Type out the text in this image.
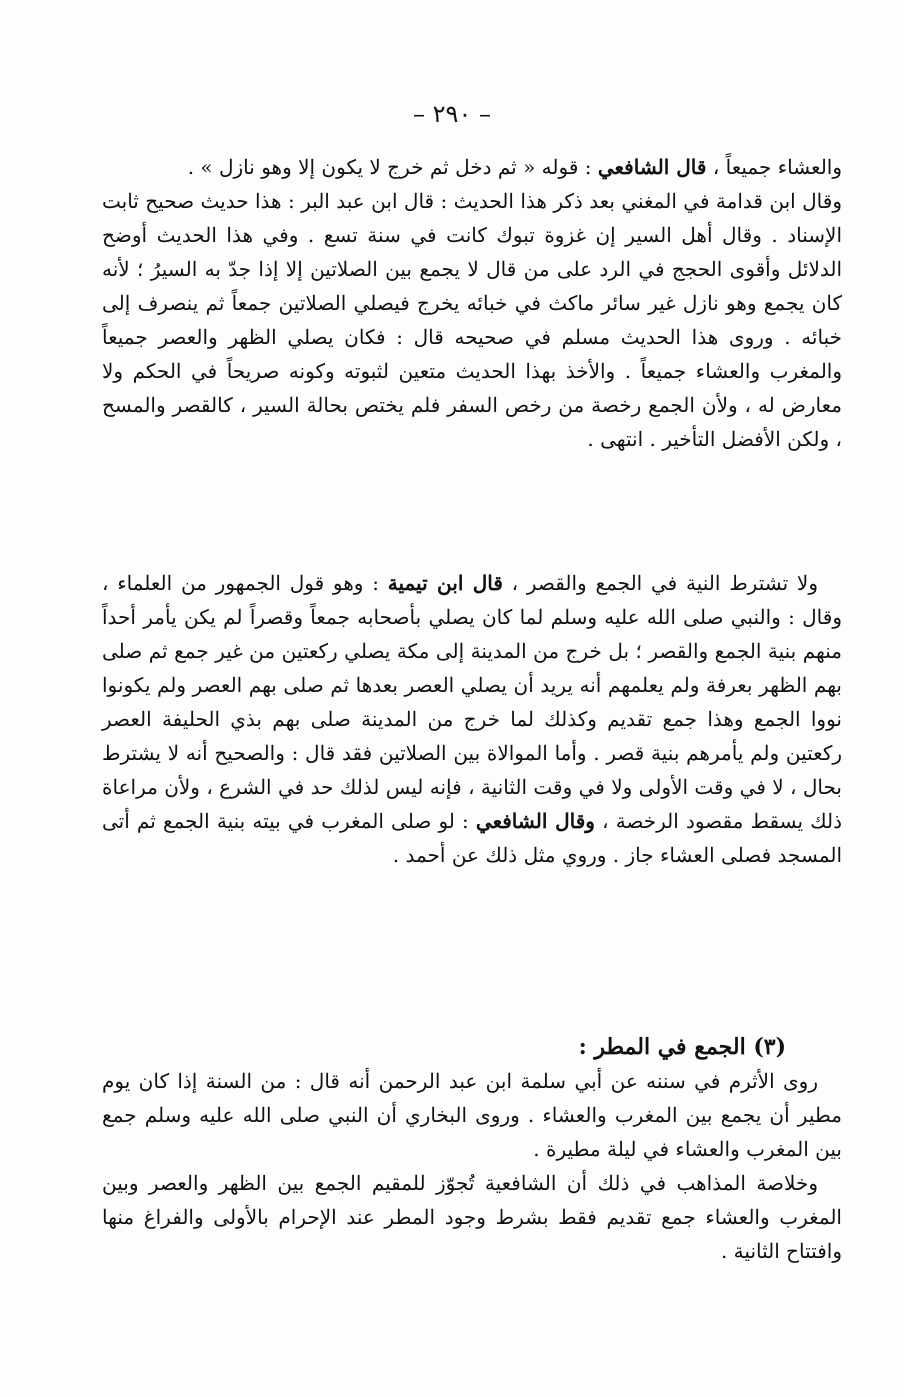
– ٢٩٠ –

والعشاء جميعاً ، قال الشافعي : قوله « ثم دخل ثم خرج لا يكون إلا وهو نازل » .

وقال ابن قدامة في المغني بعد ذكر هذا الحديث : قال ابن عبد البر : هذا حديث صحيح ثابت الإسناد . وقال أهل السير إن غزوة تبوك كانت في سنة تسع . وفي هذا الحديث أوضح الدلائل وأقوى الحجج في الرد على من قال لا يجمع بين الصلاتين إلا إذا جدّ به السيرُ ؛ لأنه كان يجمع وهو نازل غير سائر ماكث في خبائه يخرج فيصلي الصلاتين جمعاً ثم ينصرف إلى خبائه . وروى هذا الحديث مسلم في صحيحه قال : فكان يصلي الظهر والعصر جميعاً والمغرب والعشاء جميعاً . والأخذ بهذا الحديث متعين لثبوته وكونه صريحاً في الحكم ولا معارض له ، ولأن الجمع رخصة من رخص السفر فلم يختص بحالة السير ، كالقصر والمسح ، ولكن الأفضل التأخير . انتهى .

ولا تشترط النية في الجمع والقصر ، قال ابن تيمية : وهو قول الجمهور من العلماء ، وقال : والنبي صلى الله عليه وسلم لما كان يصلي بأصحابه جمعاً وقصراً لم يكن يأمر أحداً منهم بنية الجمع والقصر ؛ بل خرج من المدينة إلى مكة يصلي ركعتين من غير جمع ثم صلى بهم الظهر بعرفة ولم يعلمهم أنه يريد أن يصلي العصر بعدها ثم صلى بهم العصر ولم يكونوا نووا الجمع وهذا جمع تقديم وكذلك لما خرج من المدينة صلى بهم بذي الحليفة العصر ركعتين ولم يأمرهم بنية قصر . وأما الموالاة بين الصلاتين فقد قال : والصحيح أنه لا يشترط بحال ، لا في وقت الأولى ولا في وقت الثانية ، فإنه ليس لذلك حد في الشرع ، ولأن مراعاة ذلك يسقط مقصود الرخصة ، وقال الشافعي : لو صلى المغرب في بيته بنية الجمع ثم أتى المسجد فصلى العشاء جاز . وروي مثل ذلك عن أحمد .

(٣) الجمع في المطر :

روى الأثرم في سننه عن أبي سلمة ابن عبد الرحمن أنه قال : من السنة إذا كان يوم مطير أن يجمع بين المغرب والعشاء . وروى البخاري أن النبي صلى الله عليه وسلم جمع بين المغرب والعشاء في ليلة مطيرة .

وخلاصة المذاهب في ذلك أن الشافعية تُجوّز للمقيم الجمع بين الظهر والعصر وبين المغرب والعشاء جمع تقديم فقط بشرط وجود المطر عند الإحرام بالأولى والفراغ منها وافتتاح الثانية .
